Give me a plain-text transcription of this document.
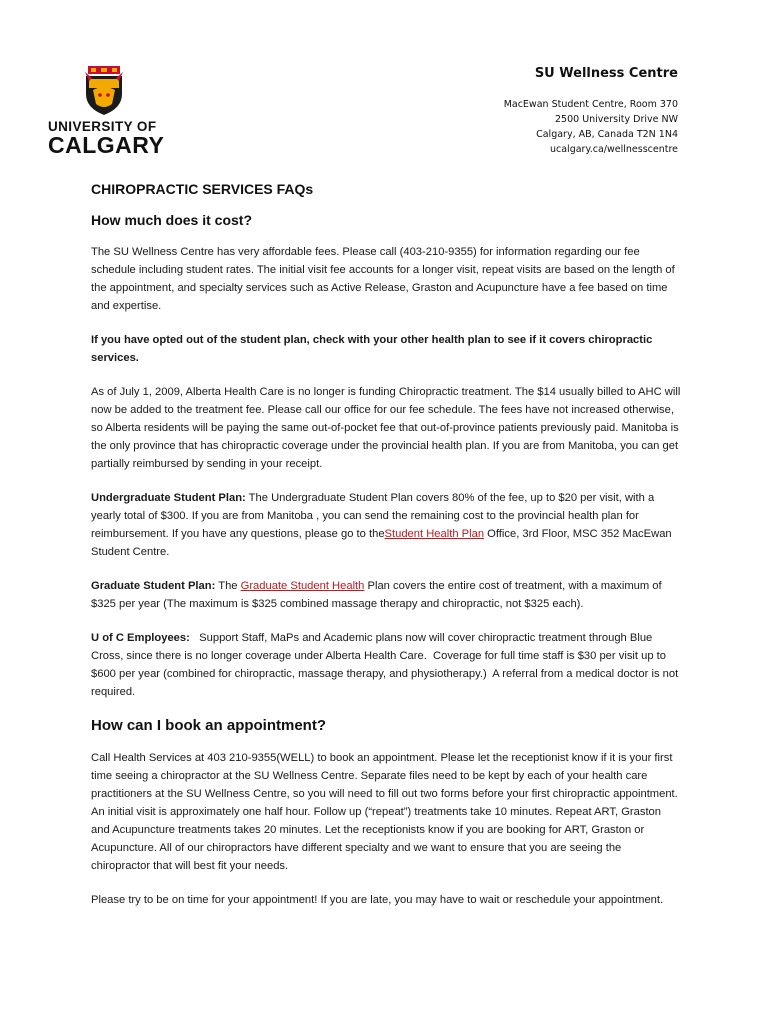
UNIVERSITY OF
CALGARY
SU Wellness Centre
MacEwan Student Centre, Room 370
2500 University Drive NW
Calgary, AB, Canada T2N 1N4
ucalgary.ca/wellnesscentre
CHIROPRACTIC SERVICES FAQs
How much does it cost?

The SU Wellness Centre has very affordable fees. Please call (403-210-9355) for information regarding our fee schedule including student rates. The initial visit fee accounts for a longer visit, repeat visits are based on the length of the appointment, and specialty services such as Active Release, Graston and Acupuncture have a fee based on time and expertise.

If you have opted out of the student plan, check with your other health plan to see if it covers chiropractic services.

As of July 1, 2009, Alberta Health Care is no longer is funding Chiropractic treatment. The $14 usually billed to AHC will now be added to the treatment fee. Please call our office for our fee schedule. The fees have not increased otherwise, so Alberta residents will be paying the same out-of-pocket fee that out-of-province patients previously paid. Manitoba is the only province that has chiropractic coverage under the provincial health plan. If you are from Manitoba, you can get partially reimbursed by sending in your receipt.

Undergraduate Student Plan: The Undergraduate Student Plan covers 80% of the fee, up to $20 per visit, with a yearly total of $300. If you are from Manitoba , you can send the remaining cost to the provincial health plan for reimbursement. If you have any questions, please go to theStudent Health Plan Office, 3rd Floor, MSC 352 MacEwan Student Centre.

Graduate Student Plan: The Graduate Student Health Plan covers the entire cost of treatment, with a maximum of $325 per year (The maximum is $325 combined massage therapy and chiropractic, not $325 each).

U of C Employees:   Support Staff, MaPs and Academic plans now will cover chiropractic treatment through Blue Cross, since there is no longer coverage under Alberta Health Care.  Coverage for full time staff is $30 per visit up to $600 per year (combined for chiropractic, massage therapy, and physiotherapy.)  A referral from a medical doctor is not required.

How can I book an appointment?

Call Health Services at 403 210-9355(WELL) to book an appointment. Please let the receptionist know if it is your first time seeing a chiropractor at the SU Wellness Centre. Separate files need to be kept by each of your health care practitioners at the SU Wellness Centre, so you will need to fill out two forms before your first chiropractic appointment. An initial visit is approximately one half hour. Follow up (“repeat”) treatments take 10 minutes. Repeat ART, Graston and Acupuncture treatments takes 20 minutes. Let the receptionists know if you are booking for ART, Graston or Acupuncture. All of our chiropractors have different specialty and we want to ensure that you are seeing the chiropractor that will best fit your needs.

Please try to be on time for your appointment! If you are late, you may have to wait or reschedule your appointment.
